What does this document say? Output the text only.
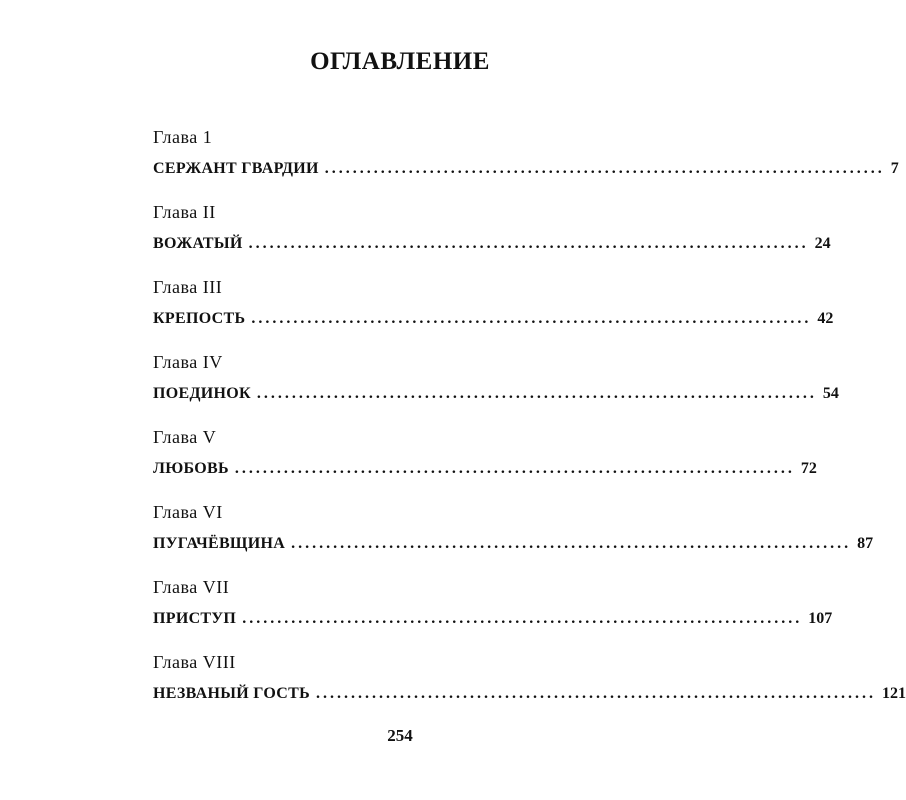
ОГЛАВЛЕНИЕ
Глава 1
СЕРЖАНТ ГВАРДИИ ................................................................................ 7
Глава II
ВОЖАТЫЙ ................................................................................ 24
Глава III
КРЕПОСТЬ ................................................................................ 42
Глава IV
ПОЕДИНОК ................................................................................ 54
Глава V
ЛЮБОВЬ ................................................................................ 72
Глава VI
ПУГАЧЁВЩИНА ................................................................................ 87
Глава VII
ПРИСТУП ................................................................................ 107
Глава VIII
НЕЗВАНЫЙ ГОСТЬ ................................................................................ 121
254
